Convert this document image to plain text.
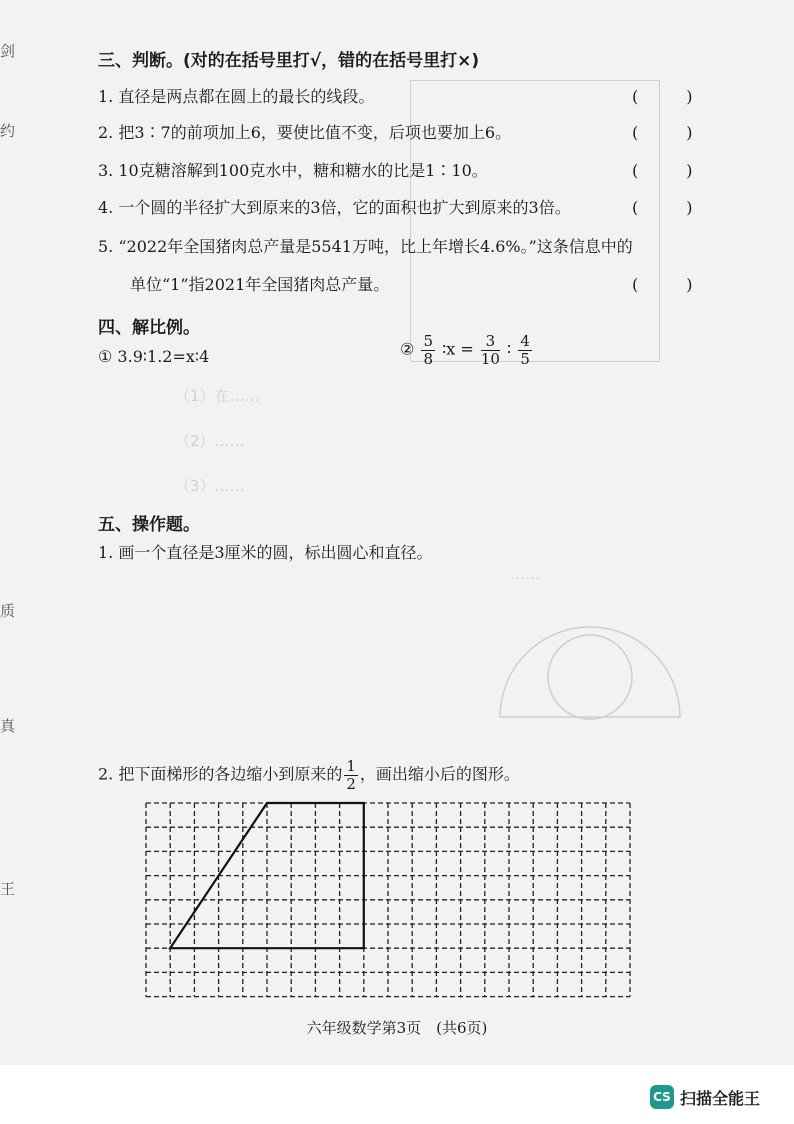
（1）在……
（2）……
（3）……
……
剑
约
质
真
王
三、判断。(对的在括号里打√，错的在括号里打×)
1. 直径是两点都在圆上的最长的线段。	(　　　)
2. 把3∶7的前项加上6，要使比值不变，后项也要加上6。	(　　　)
3. 10克糖溶解到100克水中，糖和糖水的比是1∶10。	(　　　)
4. 一个圆的半径扩大到原来的3倍，它的面积也扩大到原来的3倍。	(　　　)
5. “2022年全国猪肉总产量是5541万吨，比上年增长4.6%。”这条信息中的
单位“1”指2021年全国猪肉总产量。	(　　　)
四、解比例。
① 3.9∶1.2=x∶4	② $\frac{5}{8}$ ∶x = $\frac{3}{10}$ ∶ $\frac{4}{5}$
五、操作题。
1. 画一个直径是3厘米的圆，标出圆心和直径。
2. 把下面梯形的各边缩小到原来的 $\frac{1}{2}$ ，画出缩小后的图形。
六年级数学第3页　(共6页)
CS 扫描全能王
